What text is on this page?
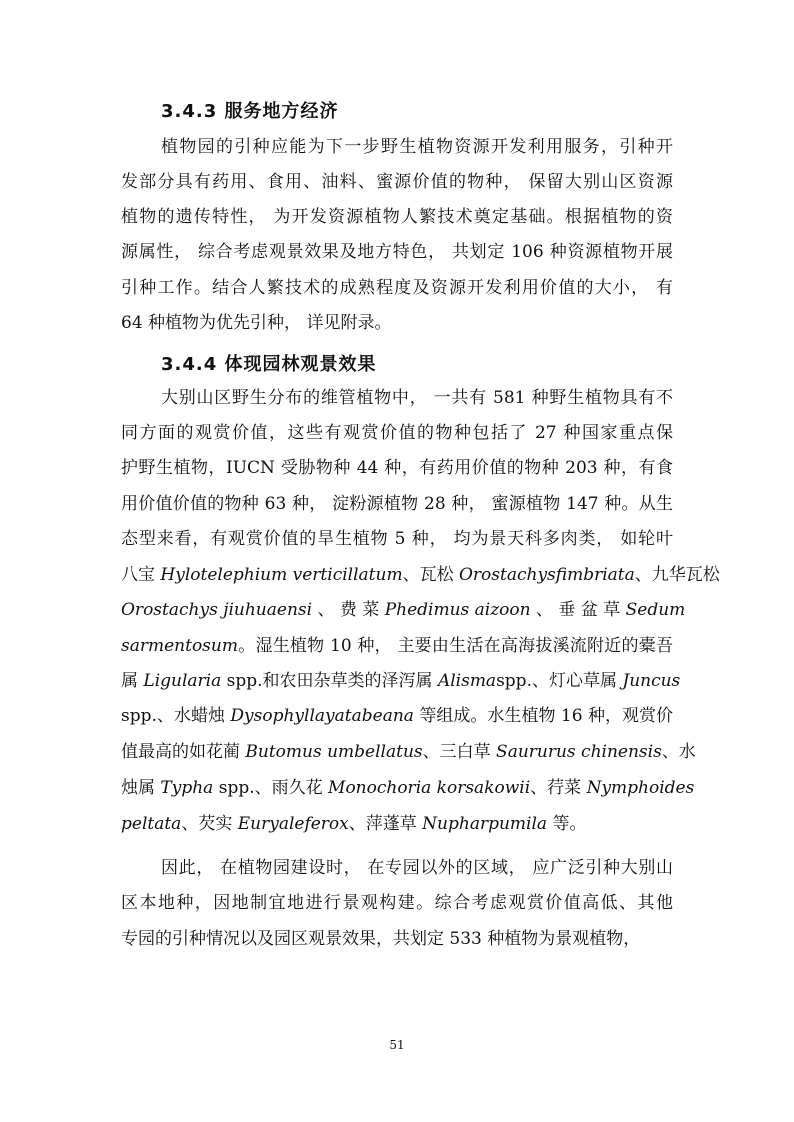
3.4.3 服务地方经济
植物园的引种应能为下一步野生植物资源开发利用服务，引种开
发部分具有药用、食用、油料、蜜源价值的物种， 保留大别山区资源
植物的遗传特性， 为开发资源植物人繁技术奠定基础。根据植物的资
源属性， 综合考虑观景效果及地方特色， 共划定 106 种资源植物开展
引种工作。结合人繁技术的成熟程度及资源开发利用价值的大小， 有
64 种植物为优先引种， 详见附录。
3.4.4 体现园林观景效果
大别山区野生分布的维管植物中， 一共有 581 种野生植物具有不
同方面的观赏价值，这些有观赏价值的物种包括了 27 种国家重点保
护野生植物，IUCN 受胁物种 44 种，有药用价值的物种 203 种，有食
用价值价值的物种 63 种， 淀粉源植物 28 种， 蜜源植物 147 种。从生
态型来看，有观赏价值的旱生植物 5 种， 均为景天科多肉类， 如轮叶
八宝 Hylotelephium verticillatum、瓦松 Orostachysfimbriata、九华瓦松
Orostachys jiuhuaensi 、 费 菜 Phedimus aizoon 、 垂 盆 草 Sedum
sarmentosum。湿生植物 10 种， 主要由生活在高海拔溪流附近的橐吾
属 Ligularia spp.和农田杂草类的泽泻属 Alismaspp.、灯心草属 Juncus
spp.、水蜡烛 Dysophyllayatabeana 等组成。水生植物 16 种，观赏价
值最高的如花蔺 Butomus umbellatus、三白草 Saururus chinensis、水
烛属 Typha spp.、雨久花 Monochoria korsakowii、荇菜 Nymphoides
peltata、芡实 Euryaleferox、萍蓬草 Nupharpumila 等。
因此， 在植物园建设时， 在专园以外的区域， 应广泛引种大别山
区本地种，因地制宜地进行景观构建。综合考虑观赏价值高低、其他
专园的引种情况以及园区观景效果，共划定 533 种植物为景观植物，
51
